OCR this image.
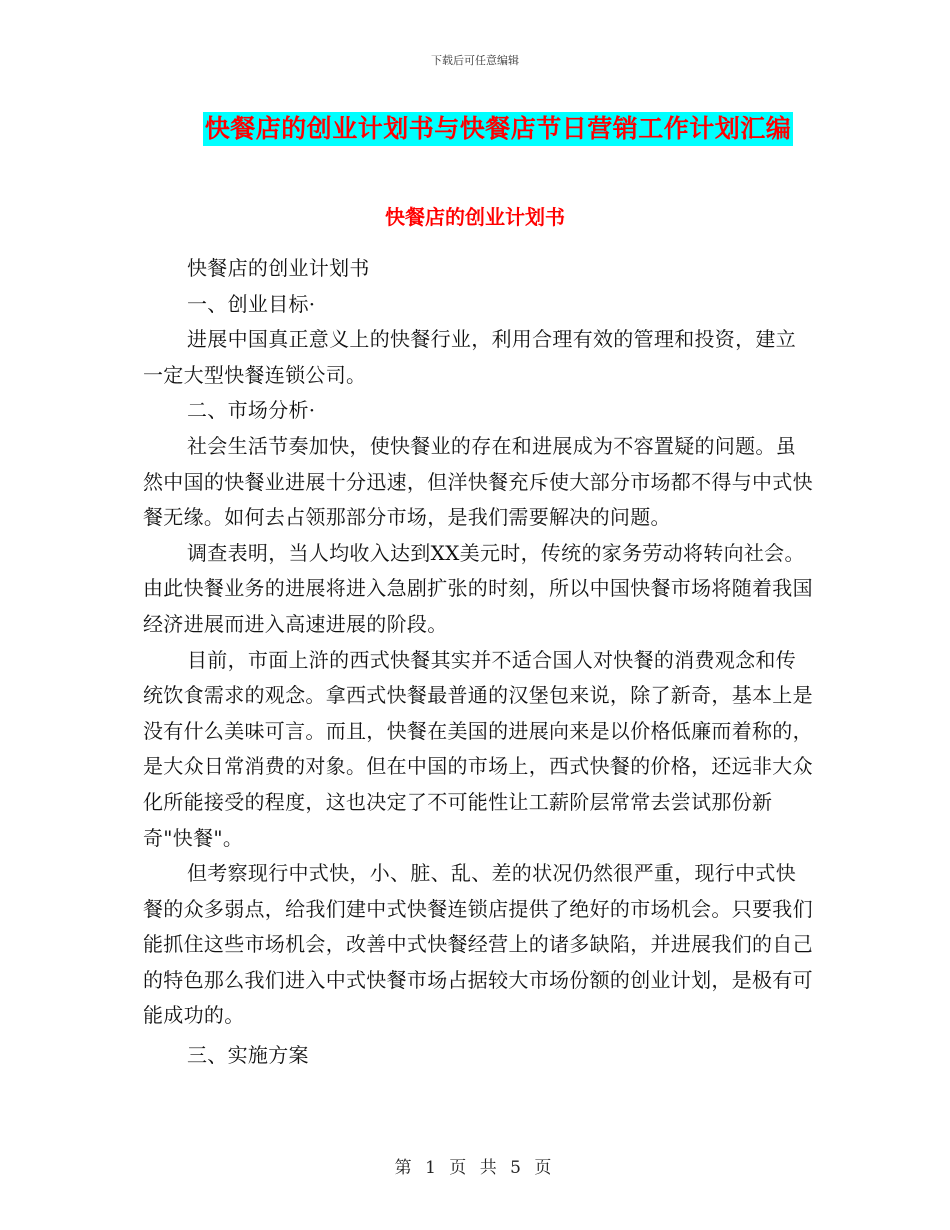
下载后可任意编辑
快餐店的创业计划书与快餐店节日营销工作计划汇编
快餐店的创业计划书

快餐店的创业计划书

一、创业目标·

进展中国真正意义上的快餐行业，利用合理有效的管理和投资，建立一定大型快餐连锁公司。

二、市场分析·

社会生活节奏加快，使快餐业的存在和进展成为不容置疑的问题。虽然中国的快餐业进展十分迅速，但洋快餐充斥使大部分市场都不得与中式快餐无缘。如何去占领那部分市场，是我们需要解决的问题。

调查表明，当人均收入达到XX美元时，传统的家务劳动将转向社会。由此快餐业务的进展将进入急剧扩张的时刻，所以中国快餐市场将随着我国经济进展而进入高速进展的阶段。

目前，市面上浒的西式快餐其实并不适合国人对快餐的消费观念和传统饮食需求的观念。拿西式快餐最普通的汉堡包来说，除了新奇，基本上是没有什么美味可言。而且，快餐在美国的进展向来是以价格低廉而着称的，是大众日常消费的对象。但在中国的市场上，西式快餐的价格，还远非大众化所能接受的程度，这也决定了不可能性让工薪阶层常常去尝试那份新奇"快餐"。

但考察现行中式快，小、脏、乱、差的状况仍然很严重，现行中式快餐的众多弱点，给我们建中式快餐连锁店提供了绝好的市场机会。只要我们能抓住这些市场机会，改善中式快餐经营上的诸多缺陷，并进展我们的自己的特色那么我们进入中式快餐市场占据较大市场份额的创业计划，是极有可能成功的。

三、实施方案

第 1 页 共 5 页
